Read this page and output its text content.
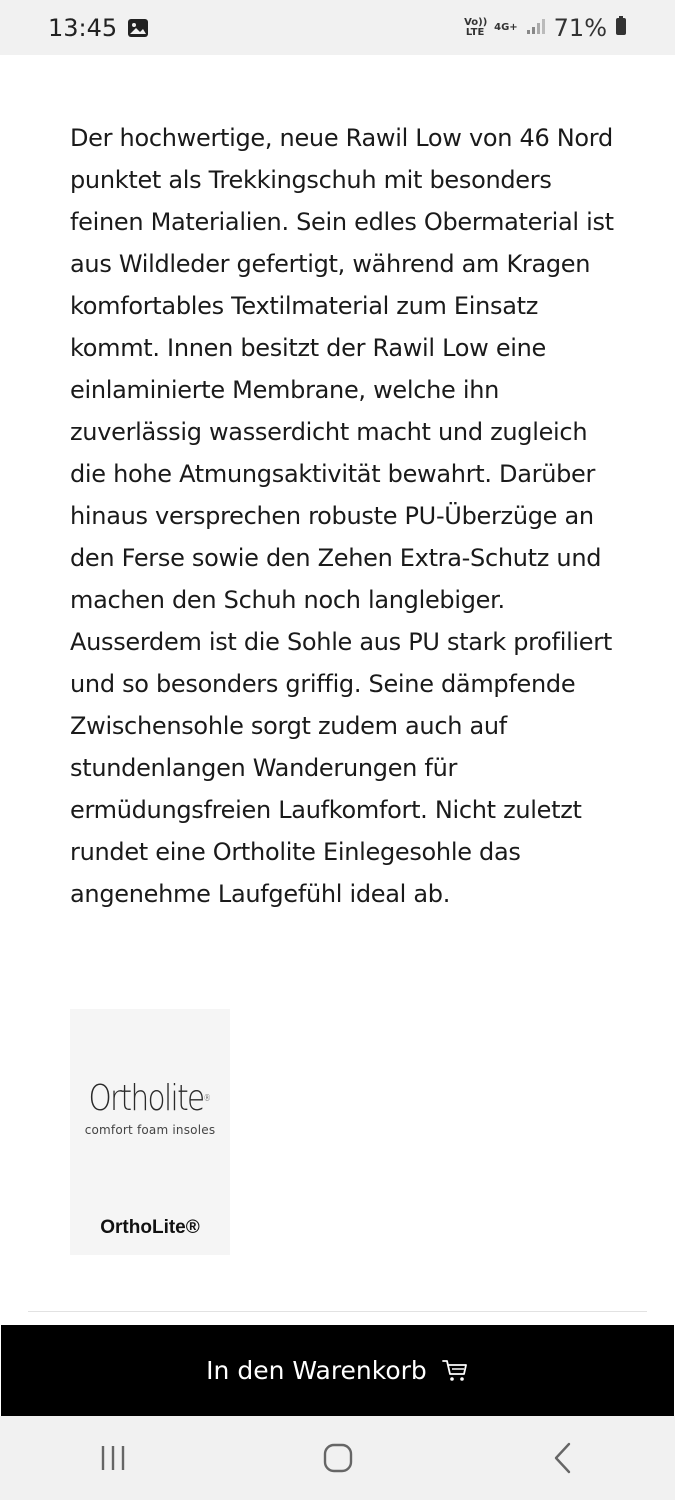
13:45	Vo)) LTE 4G+ 71%

Der hochwertige, neue Rawil Low von 46 Nord punktet als Trekkingschuh mit besonders feinen Materialien. Sein edles Obermaterial ist aus Wildleder gefertigt, während am Kragen komfortables Textilmaterial zum Einsatz kommt. Innen besitzt der Rawil Low eine einlaminierte Membrane, welche ihn zuverlässig wasserdicht macht und zugleich die hohe Atmungsaktivität bewahrt. Darüber hinaus versprechen robuste PU-Überzüge an den Ferse sowie den Zehen Extra-Schutz und machen den Schuh noch langlebiger. Ausserdem ist die Sohle aus PU stark profiliert und so besonders griffig. Seine dämpfende Zwischensohle sorgt zudem auch auf stundenlangen Wanderungen für ermüdungsfreien Laufkomfort. Nicht zuletzt rundet eine Ortholite Einlegesohle das angenehme Laufgefühl ideal ab.

Ortholite®
comfort foam insoles
OrthoLite®
In den Warenkorb
